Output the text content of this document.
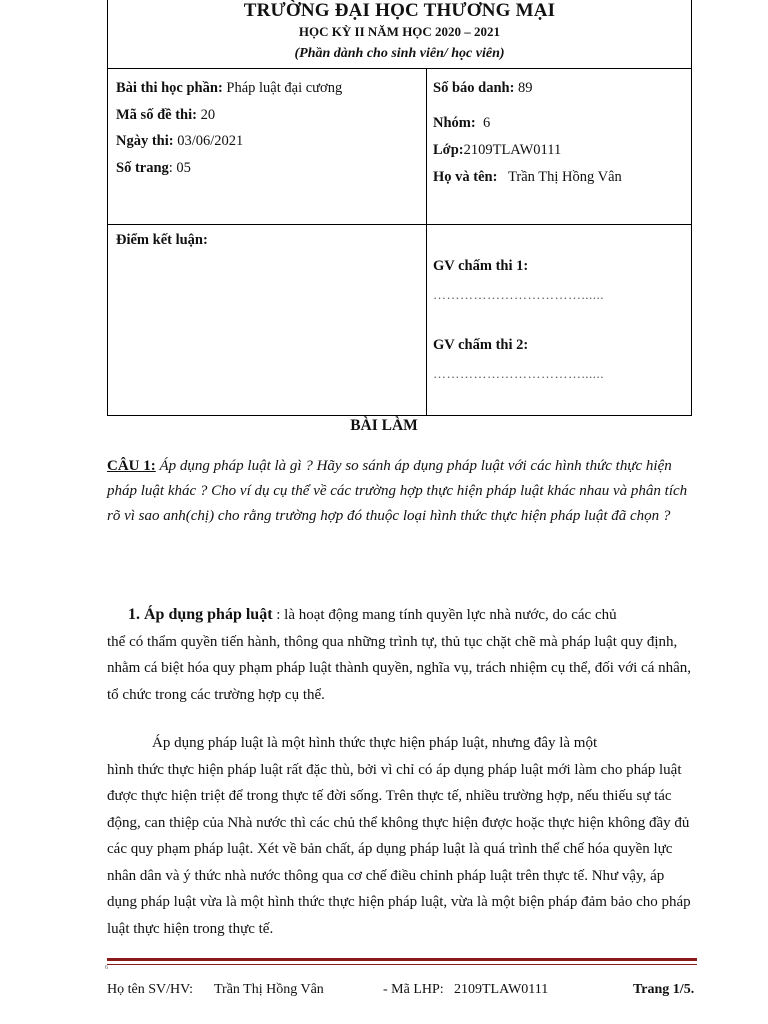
TRƯỜNG ĐẠI HỌC THƯƠNG MẠI
HỌC KỲ II NĂM HỌC 2020 – 2021
(Phần dành cho sinh viên/ học viên)
Bài thi học phần: Pháp luật đại cương
Mã số đề thi: 20
Ngày thi: 03/06/2021
Số trang: 05
Số báo danh: 89
Nhóm: 6
Lớp:2109TLAW0111
Họ và tên: Trần Thị Hồng Vân
Điểm kết luận:
GV chấm thi 1:
……………………………......
GV chấm thi 2:
……………………………......
BÀI LÀM
CÂU 1: Áp dụng pháp luật là gì ? Hãy so sánh áp dụng pháp luật với các hình thức thực hiện pháp luật khác ? Cho ví dụ cụ thể về các trường hợp thực hiện pháp luật khác nhau và phân tích rõ vì sao anh(chị) cho rằng trường hợp đó thuộc loại hình thức thực hiện pháp luật đã chọn ?
1. Áp dụng pháp luật : là hoạt động mang tính quyền lực nhà nước, do các chủ
thể có thẩm quyền tiến hành, thông qua những trình tự, thủ tục chặt chẽ mà pháp luật quy định, nhằm cá biệt hóa quy phạm pháp luật thành quyền, nghĩa vụ, trách nhiệm cụ thể, đối với cá nhân, tổ chức trong các trường hợp cụ thể.
Áp dụng pháp luật là một hình thức thực hiện pháp luật, nhưng đây là một
hình thức thực hiện pháp luật rất đặc thù, bởi vì chỉ có áp dụng pháp luật mới làm cho pháp luật được thực hiện triệt để trong thực tế đời sống. Trên thực tế, nhiều trường hợp, nếu thiếu sự tác động, can thiệp của Nhà nước thì các chủ thể không thực hiện được hoặc thực hiện không đầy đủ các quy phạm pháp luật. Xét về bản chất, áp dụng pháp luật là quá trình thể chế hóa quyền lực nhân dân và ý thức nhà nước thông qua cơ chế điều chỉnh pháp luật trên thực tế. Như vậy, áp dụng pháp luật vừa là một hình thức thực hiện pháp luật, vừa là một biện pháp đảm bảo cho pháp luật thực hiện trong thực tế.
6
Họ tên SV/HV: Trần Thị Hồng Vân	- Mã LHP: 2109TLAW0111	Trang 1/5.
